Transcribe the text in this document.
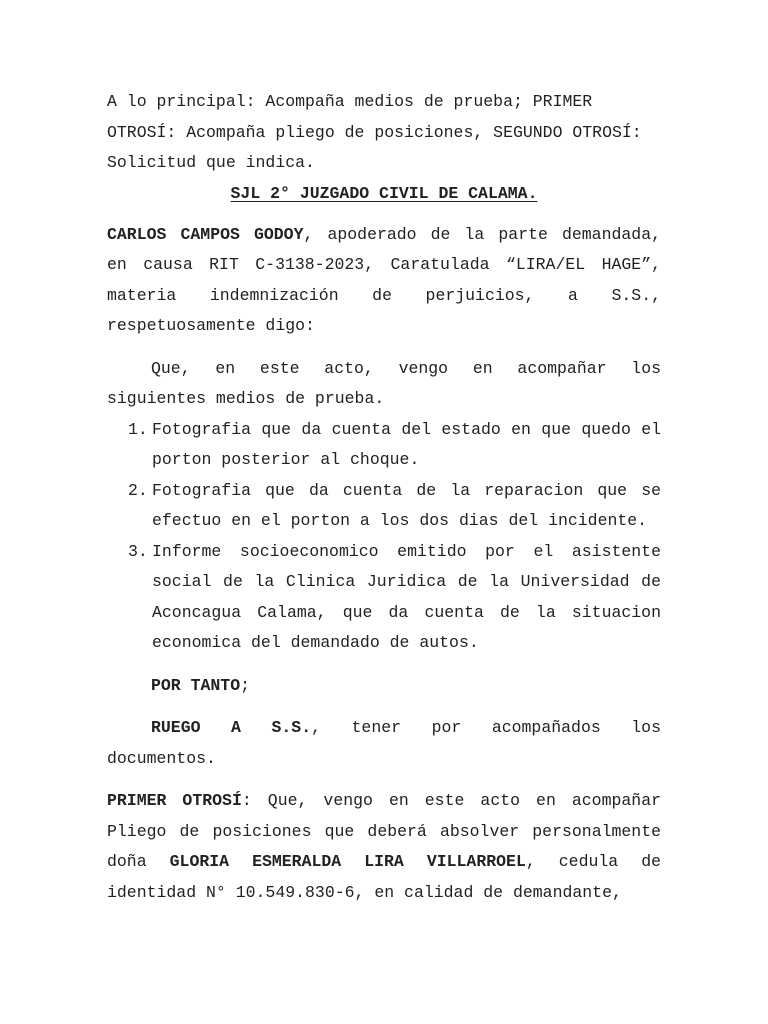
A lo principal: Acompaña medios de prueba; PRIMER
OTROSÍ: Acompaña pliego de posiciones, SEGUNDO OTROSÍ:
Solicitud que indica.

SJL 2° JUZGADO CIVIL DE CALAMA.

CARLOS CAMPOS GODOY, apoderado de la parte demandada, en causa RIT C-3138-2023, Caratulada “LIRA/EL HAGE”, materia indemnización de perjuicios, a S.S., respetuosamente digo:

Que, en este acto, vengo en acompañar los siguientes medios de prueba.

1. Fotografia que da cuenta del estado en que quedo el porton posterior al choque.
2. Fotografia que da cuenta de la reparacion que se efectuo en el porton a los dos dias del incidente.
3. Informe socioeconomico emitido por el asistente social de la Clinica Juridica de la Universidad de Aconcagua Calama, que da cuenta de la situacion economica del demandado de autos.

POR TANTO;

RUEGO A S.S., tener por acompañados los
documentos.

PRIMER OTROSÍ: Que, vengo en este acto en acompañar Pliego de posiciones que deberá absolver personalmente doña GLORIA ESMERALDA LIRA VILLARROEL, cedula de identidad N° 10.549.830-6, en calidad de demandante,
